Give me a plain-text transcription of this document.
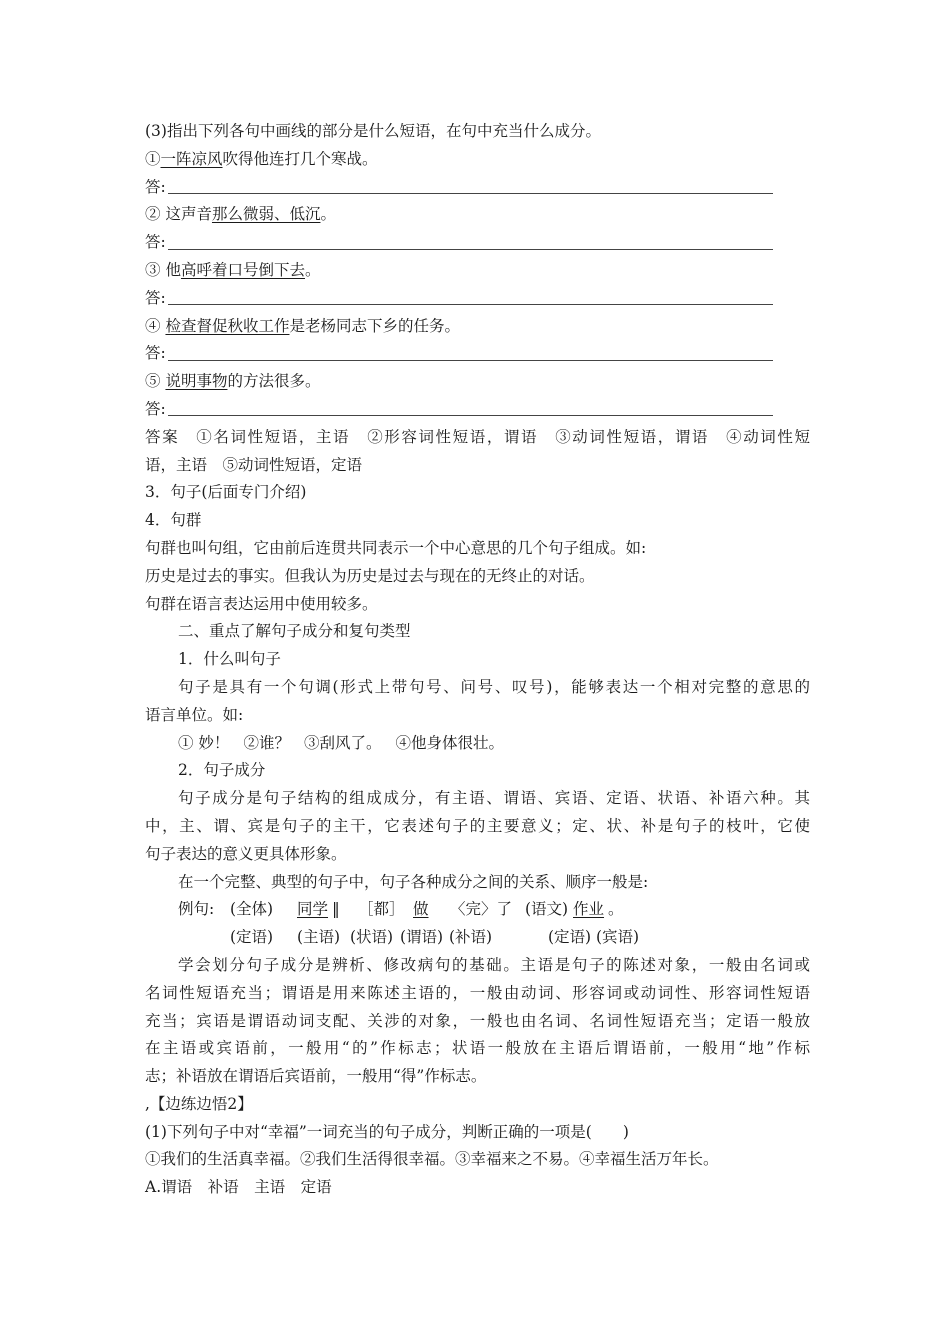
(3)指出下列各句中画线的部分是什么短语，在句中充当什么成分。
①一阵凉风吹得他连打几个寒战。
答:
② 这声音那么微弱、低沉。
答:
③ 他高呼着口号倒下去。
答:
④ 检查督促秋收工作是老杨同志下乡的任务。
答:
⑤ 说明事物的方法很多。
答:
答案　①名词性短语，主语　②形容词性短语，谓语　③动词性短语，谓语　④动词性短
语，主语　⑤动词性短语，定语
3．句子(后面专门介绍)
4．句群
句群也叫句组，它由前后连贯共同表示一个中心意思的几个句子组成。如:
历史是过去的事实。但我认为历史是过去与现在的无终止的对话。
句群在语言表达运用中使用较多。
二、重点了解句子成分和复句类型
1．什么叫句子
句子是具有一个句调(形式上带句号、问号、叹号)，能够表达一个相对完整的意思的
语言单位。如:
① 妙！ ②谁？ ③刮风了。 ④他身体很壮。
2．句子成分
句子成分是句子结构的组成成分，有主语、谓语、宾语、定语、状语、补语六种。其
中，主、谓、宾是句子的主干，它表述句子的主要意义；定、状、补是句子的枝叶，它使
句子表达的意义更具体形象。
在一个完整、典型的句子中，句子各种成分之间的关系、顺序一般是:
例句: (全体) 同学 ‖ ［都］ 做 〈完〉了 (语文) 作业 。
(定语) (主语) (状语) (谓语) (补语)	(定语) (宾语)
学会划分句子成分是辨析、修改病句的基础。主语是句子的陈述对象，一般由名词或
名词性短语充当；谓语是用来陈述主语的，一般由动词、形容词或动词性、形容词性短语
充当；宾语是谓语动词支配、关涉的对象，一般也由名词、名词性短语充当；定语一般放
在主语或宾语前，一般用“的”作标志；状语一般放在主语后谓语前，一般用“地”作标
志；补语放在谓语后宾语前，一般用“得”作标志。
,【边练边悟2】
(1)下列句子中对“幸福”一词充当的句子成分，判断正确的一项是(　　)
①我们的生活真幸福。②我们生活得很幸福。③幸福来之不易。④幸福生活万年长。
A.谓语　补语　主语　定语
